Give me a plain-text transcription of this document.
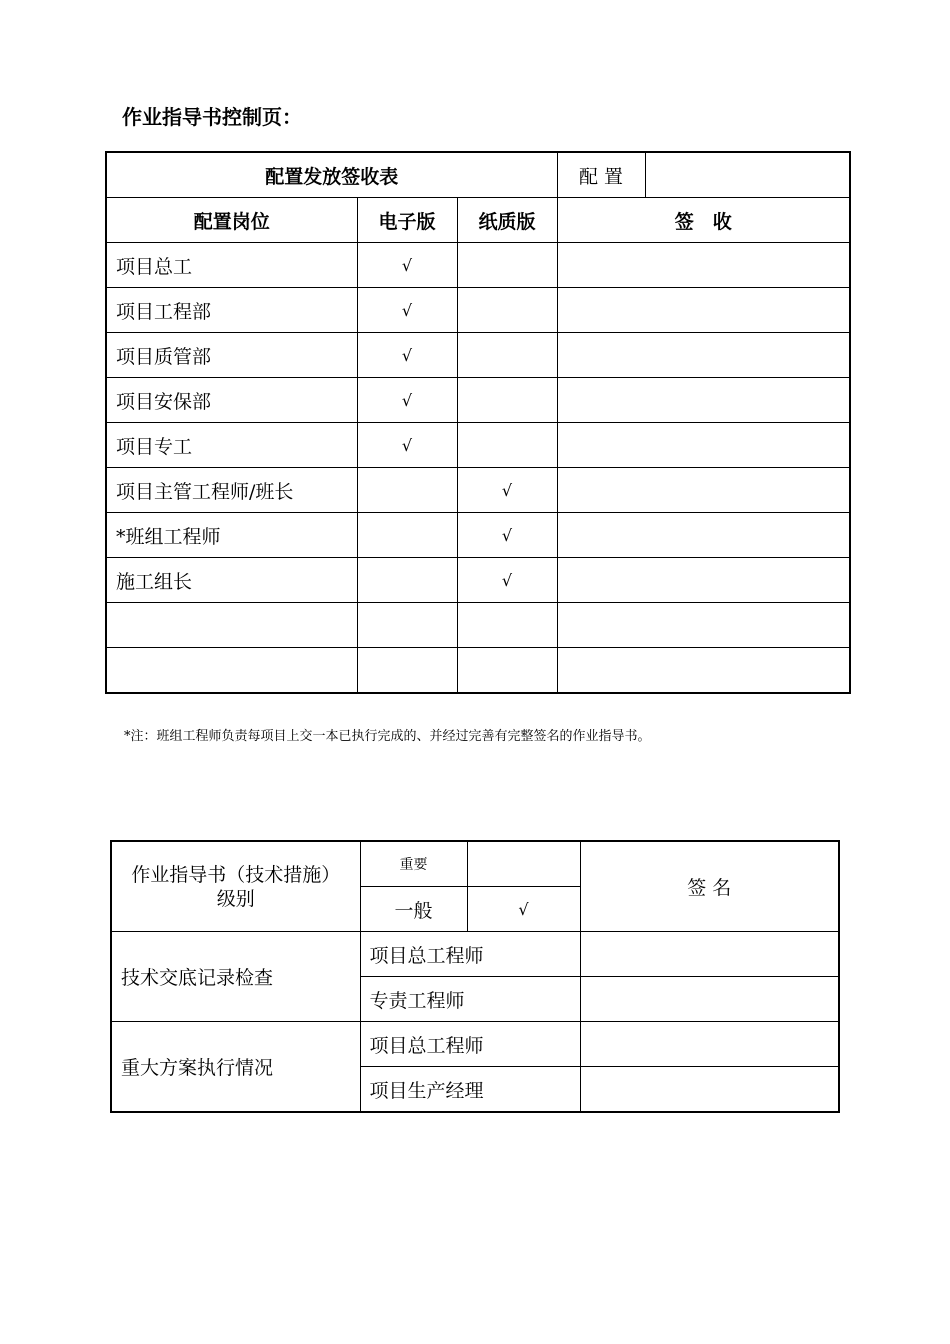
作业指导书控制页：
配置发放签收表			配 置	
配置岗位	电子版	纸质版	签　收	
项目总工	√			
项目工程部	√			
项目质管部	√			
项目安保部	√			
项目专工	√			
项目主管工程师/班长		√		
*班组工程师		√		
施工组长		√		

*注：班组工程师负责每项目上交一本已执行完成的、并经过完善有完整签名的作业指导书。
作业指导书（技术措施）级别	重要		签 名
	一般	√	
技术交底记录检查	项目总工程师		
	专责工程师		
重大方案执行情况	项目总工程师		
	项目生产经理		
